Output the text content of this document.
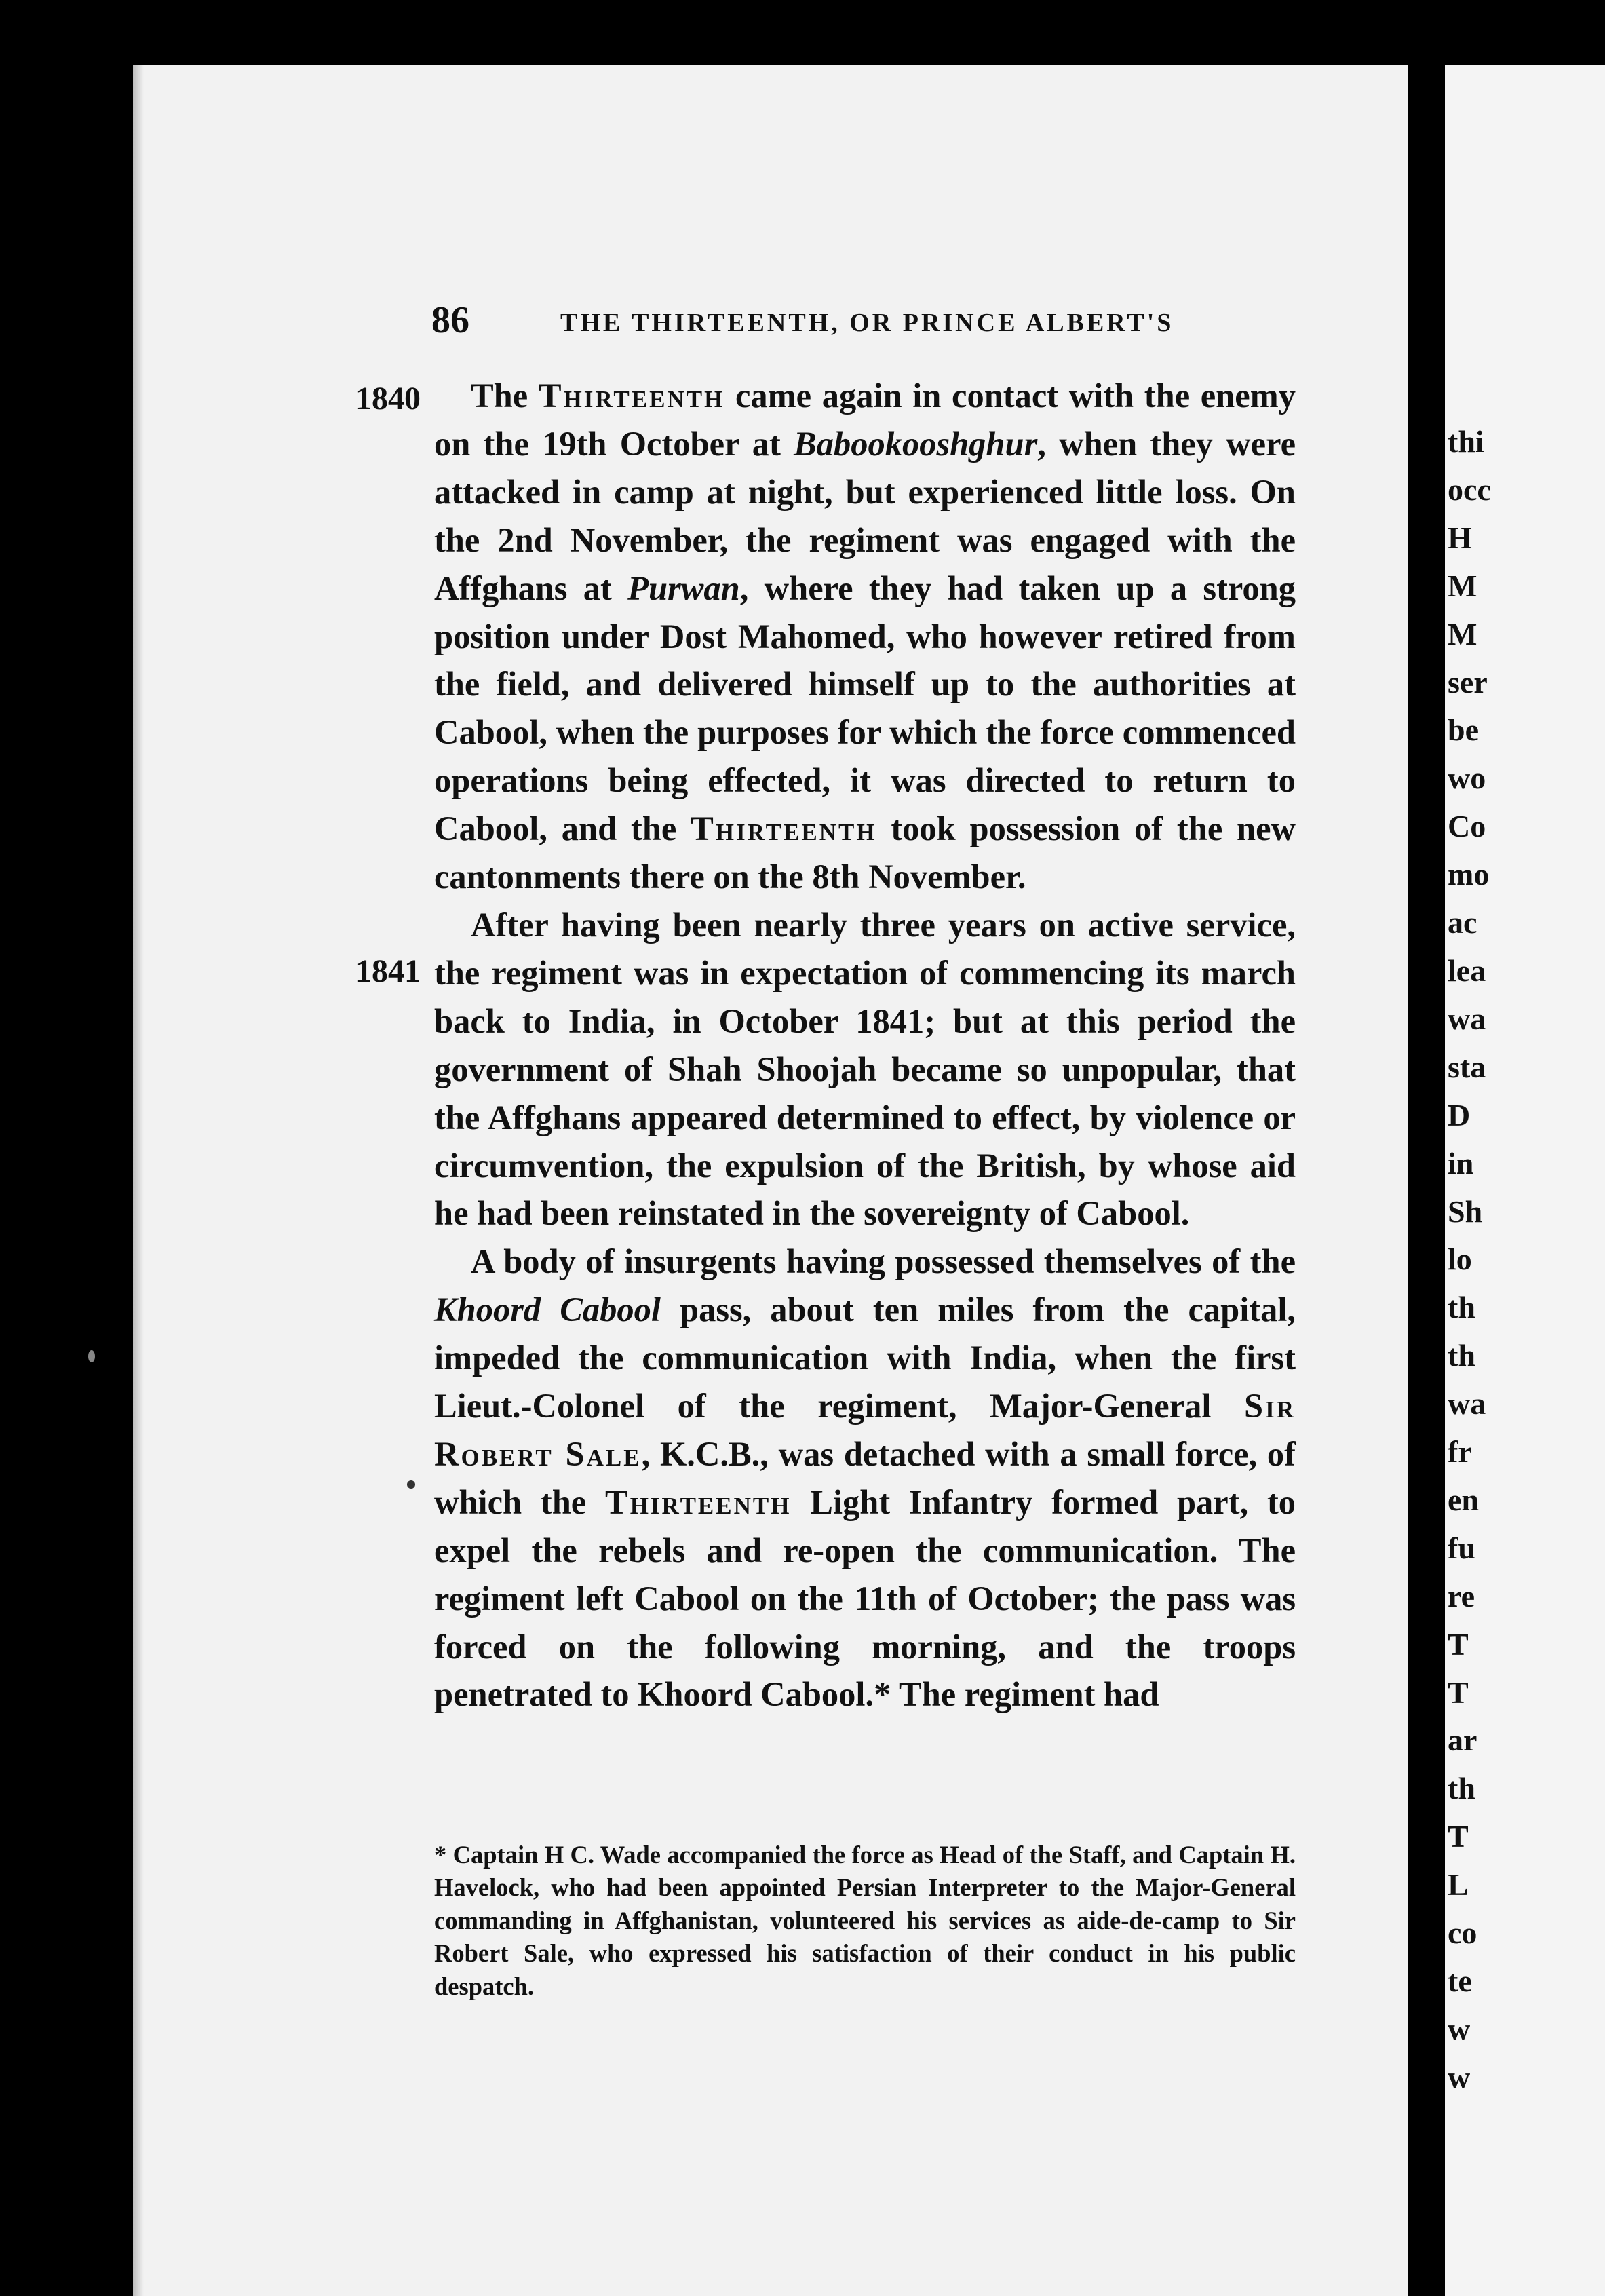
thi
occ
H
M
M
ser
be
wo
Co
mo
ac
lea
wa
sta
D
in
Sh
lo
th
th
wa
fr
en
fu
re
T
T
ar
th
T
L
co
te
w
w
86	THE THIRTEENTH, OR PRINCE ALBERT'S
1840
1841

The Thirteenth came again in contact with the enemy on the 19th October at Babookooshghur, when they were attacked in camp at night, but experienced little loss. On the 2nd November, the regiment was engaged with the Affghans at Purwan, where they had taken up a strong position under Dost Mahomed, who however retired from the field, and delivered himself up to the authorities at Cabool, when the purposes for which the force commenced operations being effected, it was directed to return to Cabool, and the Thirteenth took possession of the new cantonments there on the 8th November.

After having been nearly three years on active service, the regiment was in expectation of commencing its march back to India, in October 1841; but at this period the government of Shah Shoojah became so unpopular, that the Affghans appeared determined to effect, by violence or circumvention, the expulsion of the British, by whose aid he had been reinstated in the sovereignty of Cabool.

A body of insurgents having possessed themselves of the Khoord Cabool pass, about ten miles from the capital, impeded the communication with India, when the first Lieut.-Colonel of the regiment, Major-General Sir Robert Sale, K.C.B., was detached with a small force, of which the Thirteenth Light Infantry formed part, to expel the rebels and re-open the communication. The regiment left Cabool on the 11th of October; the pass was forced on the following morning, and the troops penetrated to Khoord Cabool.* The regiment had

* Captain H C. Wade accompanied the force as Head of the Staff, and Captain H. Havelock, who had been appointed Persian Interpreter to the Major-General commanding in Affghanistan, volunteered his services as aide-de-camp to Sir Robert Sale, who expressed his satisfaction of their conduct in his public despatch.
